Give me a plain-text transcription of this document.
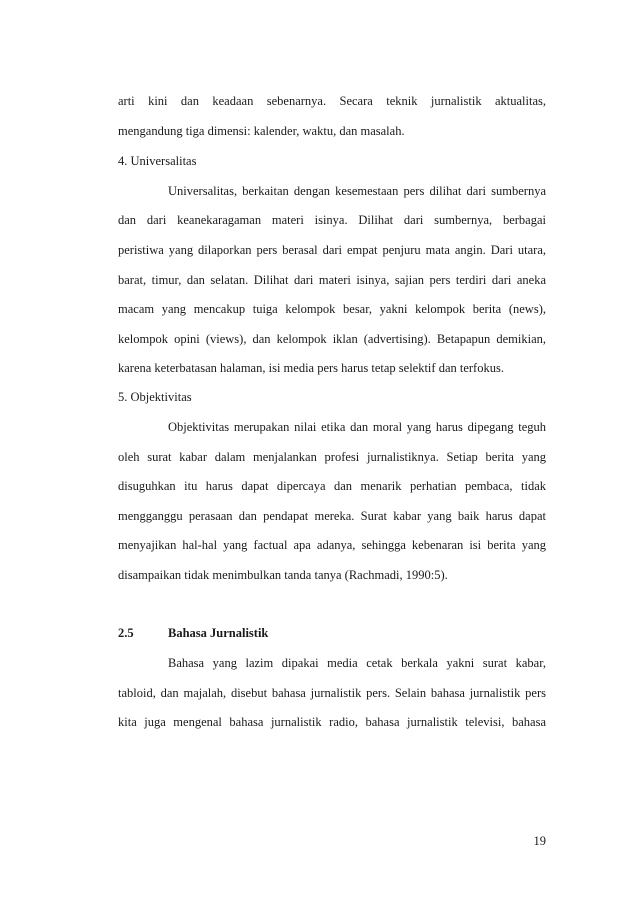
arti kini dan keadaan sebenarnya. Secara teknik jurnalistik aktualitas,
mengandung tiga dimensi: kalender, waktu, dan masalah.
4. Universalitas
Universalitas, berkaitan dengan kesemestaan pers dilihat dari sumbernya
dan dari keanekaragaman materi isinya. Dilihat dari sumbernya, berbagai
peristiwa yang dilaporkan pers berasal dari empat penjuru mata angin. Dari utara,
barat, timur, dan selatan. Dilihat dari materi isinya, sajian pers terdiri dari aneka
macam yang mencakup tuiga kelompok besar, yakni kelompok berita (news),
kelompok opini (views), dan kelompok iklan (advertising). Betapapun demikian,
karena keterbatasan halaman, isi media pers harus tetap selektif dan terfokus.
5. Objektivitas
Objektivitas merupakan nilai etika dan moral yang harus dipegang teguh
oleh surat kabar dalam menjalankan profesi jurnalistiknya. Setiap berita yang
disuguhkan itu harus dapat dipercaya dan menarik perhatian pembaca, tidak
mengganggu perasaan dan pendapat mereka. Surat kabar yang baik harus dapat
menyajikan hal-hal yang factual apa adanya, sehingga kebenaran isi berita yang
disampaikan tidak menimbulkan tanda tanya (Rachmadi, 1990:5).
2.5	Bahasa Jurnalistik
Bahasa yang lazim dipakai media cetak berkala yakni surat kabar,
tabloid, dan majalah, disebut bahasa jurnalistik pers. Selain bahasa jurnalistik pers
kita juga mengenal bahasa jurnalistik radio, bahasa jurnalistik televisi, bahasa
19
